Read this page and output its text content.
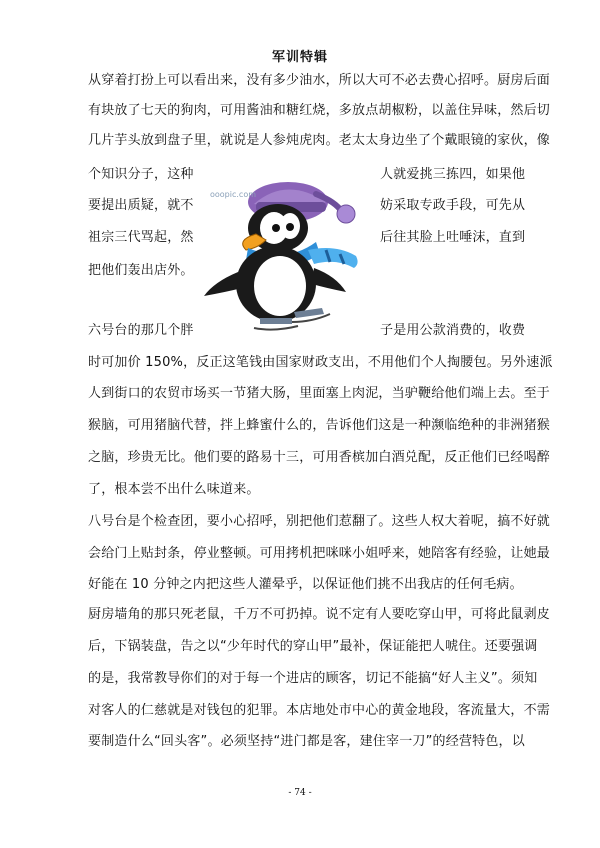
军训特辑
从穿着打扮上可以看出来，没有多少油水，所以大可不必去费心招呼。厨房后面
有块放了七天的狗肉，可用酱油和糖红烧，多放点胡椒粉，以盖住异味，然后切
几片芋头放到盘子里，就说是人参炖虎肉。老太太身边坐了个戴眼镜的家伙，像
个知识分子，这种
要提出质疑，就不
祖宗三代骂起，然
把他们轰出店外。
人就爱挑三拣四，如果他
妨采取专政手段，可先从
后往其脸上吐唾沫，直到
ooopic.com
六号台的那几个胖	子是用公款消费的，收费
时可加价 150%，反正这笔钱由国家财政支出，不用他们个人掏腰包。另外速派
人到街口的农贸市场买一节猪大肠，里面塞上肉泥，当驴鞭给他们端上去。至于
猴脑，可用猪脑代替，拌上蜂蜜什么的，告诉他们这是一种濒临绝种的非洲猪猴
之脑，珍贵无比。他们要的路易十三，可用香槟加白酒兑配，反正他们已经喝醉
了，根本尝不出什么味道来。
八号台是个检查团，要小心招呼，别把他们惹翻了。这些人权大着呢，搞不好就
会给门上贴封条，停业整顿。可用拷机把咪咪小姐呼来，她陪客有经验，让她最
好能在 10 分钟之内把这些人灌晕乎，以保证他们挑不出我店的任何毛病。
厨房墙角的那只死老鼠，千万不可扔掉。说不定有人要吃穿山甲，可将此鼠剥皮
后，下锅装盘，告之以“少年时代的穿山甲”最补，保证能把人唬住。还要强调
的是，我常教导你们的对于每一个进店的顾客，切记不能搞“好人主义”。须知
对客人的仁慈就是对钱包的犯罪。本店地处市中心的黄金地段，客流量大，不需
要制造什么“回头客”。必须坚持“进门都是客，建住宰一刀”的经营特色，以
- 74 -
